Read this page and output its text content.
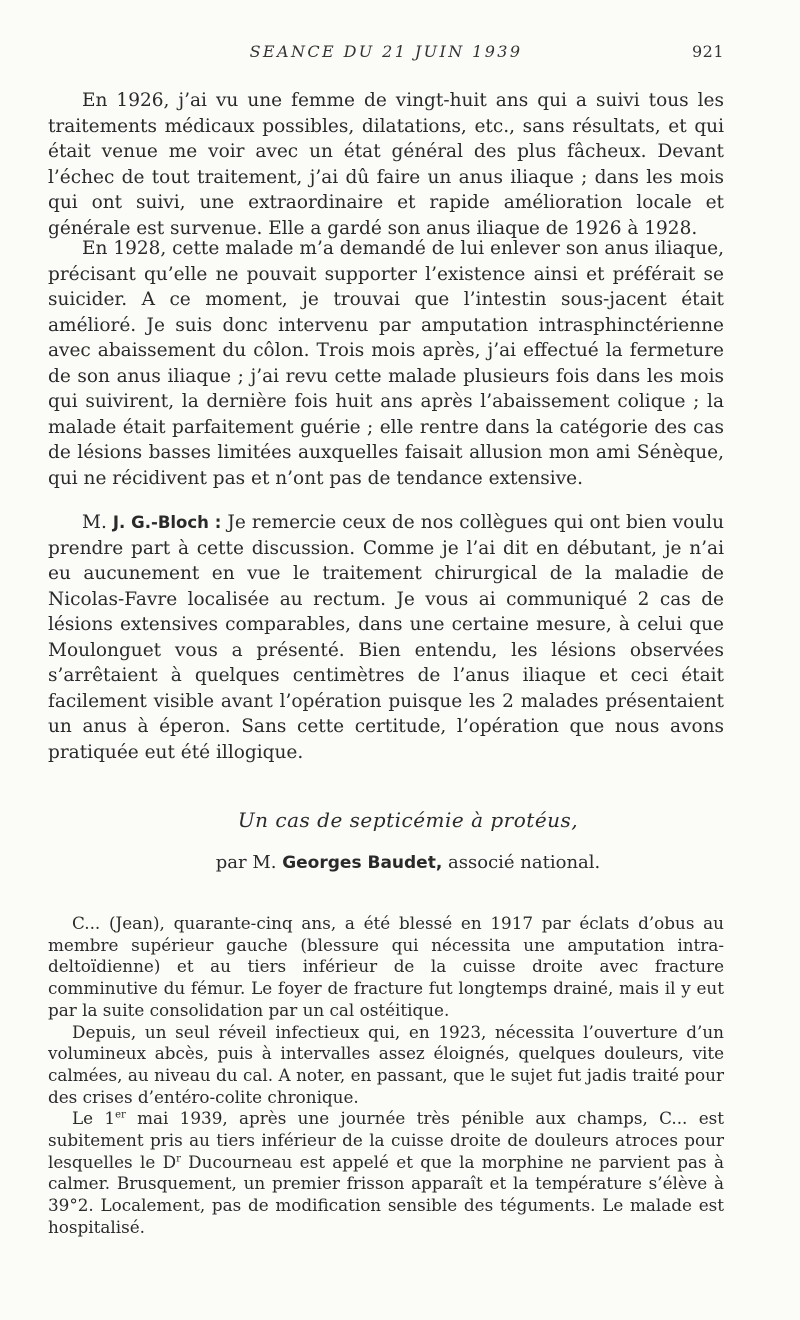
SEANCE DU 21 JUIN 1939	921

En 1926, j’ai vu une femme de vingt-huit ans qui a suivi tous les traitements médicaux possibles, dilatations, etc., sans résultats, et qui était venue me voir avec un état général des plus fâcheux. Devant l’échec de tout traitement, j’ai dû faire un anus iliaque ; dans les mois qui ont suivi, une extraordinaire et rapide amélioration locale et générale est survenue. Elle a gardé son anus iliaque de 1926 à 1928.

En 1928, cette malade m’a demandé de lui enlever son anus iliaque, précisant qu’elle ne pouvait supporter l’existence ainsi et préférait se suicider. A ce moment, je trouvai que l’intestin sous-jacent était amélioré. Je suis donc intervenu par amputation intrasphinctérienne avec abaissement du côlon. Trois mois après, j’ai effectué la fermeture de son anus iliaque ; j’ai revu cette malade plusieurs fois dans les mois qui suivirent, la dernière fois huit ans après l’abaissement colique ; la malade était parfaitement guérie ; elle rentre dans la catégorie des cas de lésions basses limitées auxquelles faisait allusion mon ami Sénèque, qui ne récidivent pas et n’ont pas de tendance extensive.

M. J. G.-Bloch : Je remercie ceux de nos collègues qui ont bien voulu prendre part à cette discussion. Comme je l’ai dit en débutant, je n’ai eu aucunement en vue le traitement chirurgical de la maladie de Nicolas-Favre localisée au rectum. Je vous ai communiqué 2 cas de lésions extensives comparables, dans une certaine mesure, à celui que Moulonguet vous a présenté. Bien entendu, les lésions observées s’arrêtaient à quelques centimètres de l’anus iliaque et ceci était facilement visible avant l’opération puisque les 2 malades présentaient un anus à éperon. Sans cette certitude, l’opération que nous avons pratiquée eut été illogique.

Un cas de septicémie à protéus,
par M. Georges Baudet, associé national.

C... (Jean), quarante-cinq ans, a été blessé en 1917 par éclats d’obus au membre supérieur gauche (blessure qui nécessita une amputation intra-deltoïdienne) et au tiers inférieur de la cuisse droite avec fracture comminutive du fémur. Le foyer de fracture fut longtemps drainé, mais il y eut par la suite consolidation par un cal ostéitique.

Depuis, un seul réveil infectieux qui, en 1923, nécessita l’ouverture d’un volumineux abcès, puis à intervalles assez éloignés, quelques douleurs, vite calmées, au niveau du cal. A noter, en passant, que le sujet fut jadis traité pour des crises d’entéro-colite chronique.

Le 1er mai 1939, après une journée très pénible aux champs, C... est subitement pris au tiers inférieur de la cuisse droite de douleurs atroces pour lesquelles le $D^r$ Ducourneau est appelé et que la morphine ne parvient pas à calmer. Brusquement, un premier frisson apparaît et la température s’élève à 39°2. Localement, pas de modification sensible des téguments. Le malade est hospitalisé.
